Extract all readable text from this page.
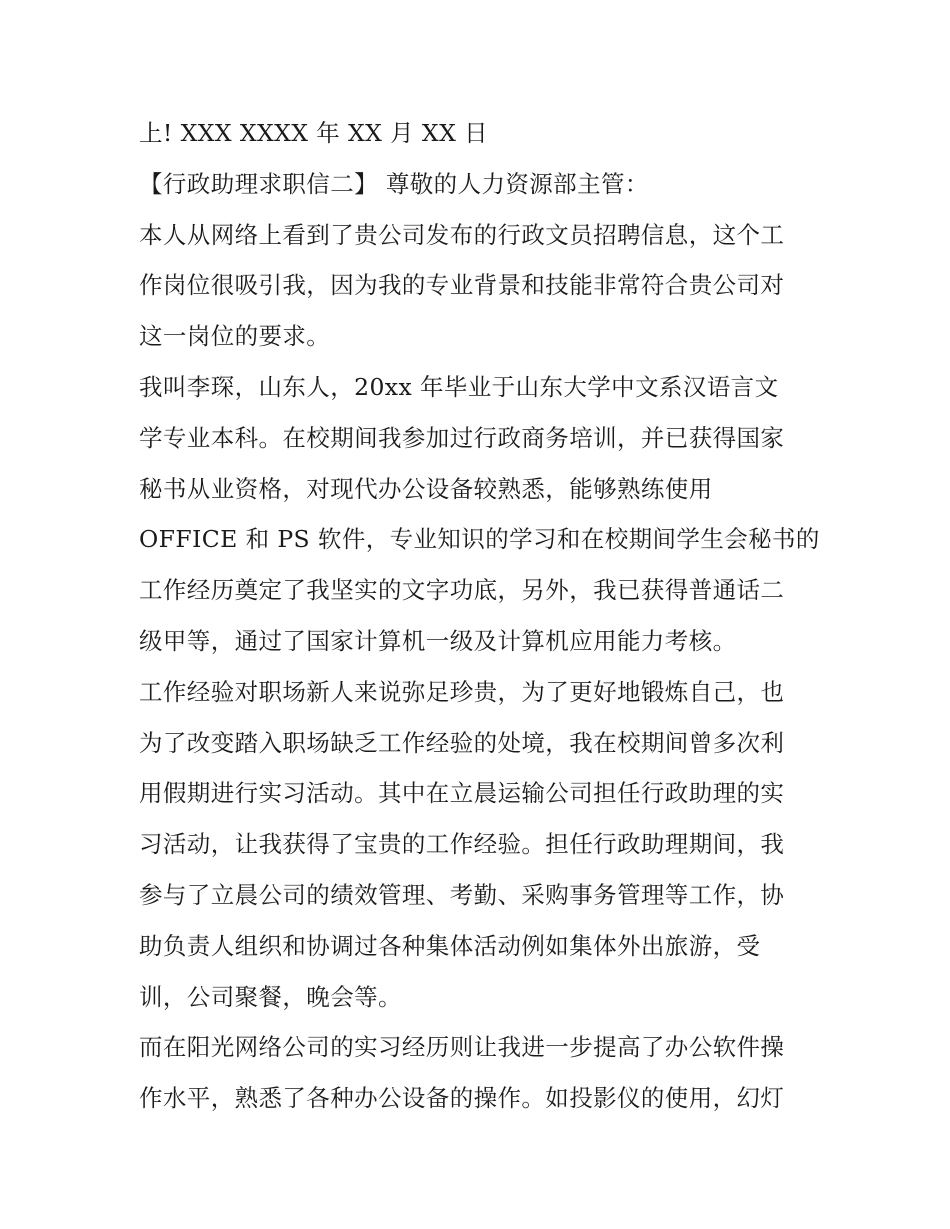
上! XXX XXXX 年 XX 月 XX 日
【行政助理求职信二】 尊敬的人力资源部主管：
本人从网络上看到了贵公司发布的行政文员招聘信息，这个工
作岗位很吸引我，因为我的专业背景和技能非常符合贵公司对
这一岗位的要求。
我叫李琛，山东人，20xx 年毕业于山东大学中文系汉语言文
学专业本科。在校期间我参加过行政商务培训，并已获得国家
秘书从业资格，对现代办公设备较熟悉，能够熟练使用
OFFICE 和 PS 软件，专业知识的学习和在校期间学生会秘书的
工作经历奠定了我坚实的文字功底，另外，我已获得普通话二
级甲等，通过了国家计算机一级及计算机应用能力考核。
工作经验对职场新人来说弥足珍贵，为了更好地锻炼自己，也
为了改变踏入职场缺乏工作经验的处境，我在校期间曾多次利
用假期进行实习活动。其中在立晨运输公司担任行政助理的实
习活动，让我获得了宝贵的工作经验。担任行政助理期间，我
参与了立晨公司的绩效管理、考勤、采购事务管理等工作，协
助负责人组织和协调过各种集体活动例如集体外出旅游，受
训，公司聚餐，晚会等。
而在阳光网络公司的实习经历则让我进一步提高了办公软件操
作水平，熟悉了各种办公设备的操作。如投影仪的使用，幻灯
